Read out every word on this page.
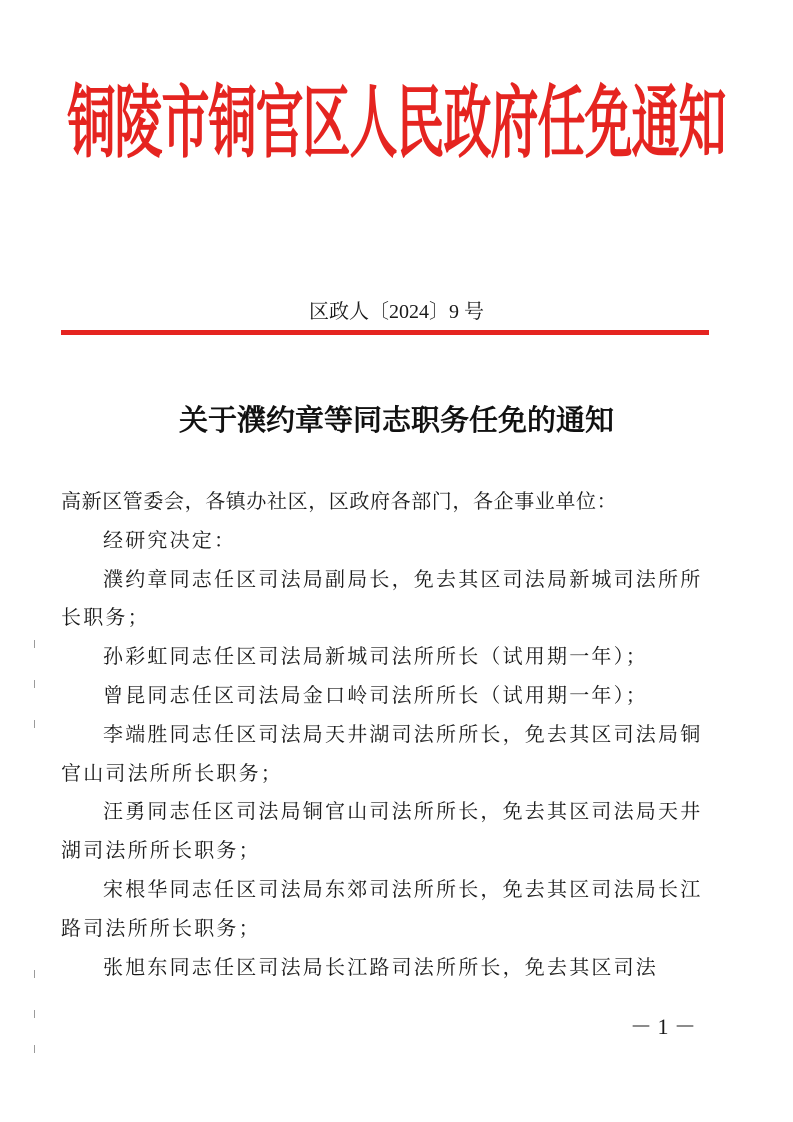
铜陵市铜官区人民政府任免通知
区政人〔2024〕9 号
关于濮约章等同志职务任免的通知

高新区管委会，各镇办社区，区政府各部门，各企事业单位：

经研究决定：

濮约章同志任区司法局副局长，免去其区司法局新城司法所所长职务；

孙彩虹同志任区司法局新城司法所所长（试用期一年）；

曾昆同志任区司法局金口岭司法所所长（试用期一年）；

李端胜同志任区司法局天井湖司法所所长，免去其区司法局铜官山司法所所长职务；

汪勇同志任区司法局铜官山司法所所长，免去其区司法局天井湖司法所所长职务；

宋根华同志任区司法局东郊司法所所长，免去其区司法局长江路司法所所长职务；

张旭东同志任区司法局长江路司法所所长，免去其区司法

－ 1 －
